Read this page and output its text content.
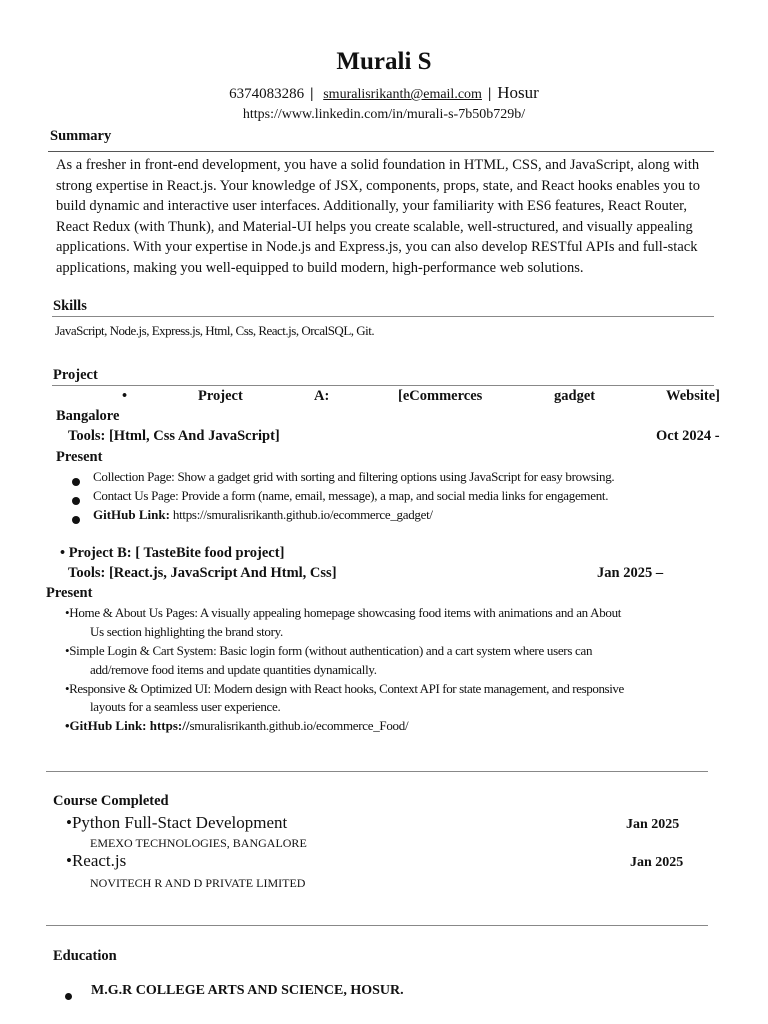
Murali S
6374083286 | smuralisrikanth@email.com | Hosur
https://www.linkedin.com/in/murali-s-7b50b729b/
Summary
As a fresher in front-end development, you have a solid foundation in HTML, CSS, and JavaScript, along with strong expertise in React.js. Your knowledge of JSX, components, props, state, and React hooks enables you to build dynamic and interactive user interfaces. Additionally, your familiarity with ES6 features, React Router, React Redux (with Thunk), and Material-UI helps you create scalable, well-structured, and visually appealing applications. With your expertise in Node.js and Express.js, you can also develop RESTful APIs and full-stack applications, making you well-equipped to build modern, high-performance web solutions.
Skills
JavaScript, Node.js, Express.js, Html, Css, React.js, OrcalSQL, Git.
Project
•	Project	A:	[eCommerces	gadget	Website]
Bangalore
Tools: [Html, Css And JavaScript]	Oct 2024 -
Present
Collection Page: Show a gadget grid with sorting and filtering options using JavaScript for easy browsing.
Contact Us Page: Provide a form (name, email, message), a map, and social media links for engagement.
GitHub Link: https://smuralisrikanth.github.io/ecommerce_gadget/
• Project B: [ TasteBite food project]
Tools: [React.js, JavaScript And Html, Css]	Jan 2025 –
Present
•Home & About Us Pages: A visually appealing homepage showcasing food items with animations and an About
Us section highlighting the brand story.
•Simple Login & Cart System: Basic login form (without authentication) and a cart system where users can
add/remove food items and update quantities dynamically.
•Responsive & Optimized UI: Modern design with React hooks, Context API for state management, and responsive
layouts for a seamless user experience.
•GitHub Link: https://smuralisrikanth.github.io/ecommerce_Food/
Course Completed
•Python Full-Stact Development	Jan 2025
EMEXO TECHNOLOGIES, BANGALORE
•React.js	Jan 2025
NOVITECH R AND D PRIVATE LIMITED
Education
M.G.R COLLEGE ARTS AND SCIENCE, HOSUR.
